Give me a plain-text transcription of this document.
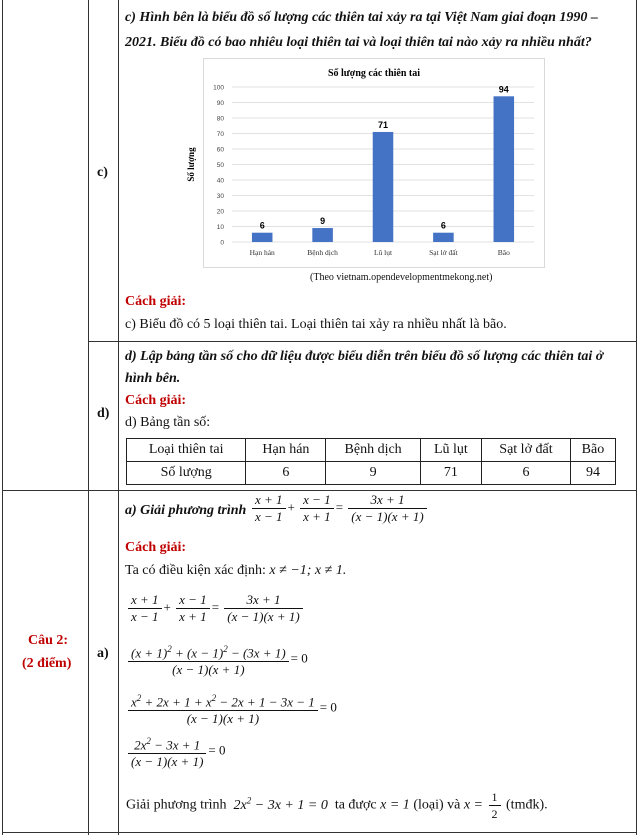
c)
c) Hình bên là biểu đồ số lượng các thiên tai xảy ra tại Việt Nam giai đoạn 1990 –
2021. Biểu đồ có bao nhiêu loại thiên tai và loại thiên tai nào xảy ra nhiều nhất?
Số lượng các thiên tai
Số lượng
0
10
20
30
40
50
60
70
80
90
100
6
Hạn hán
9
Bệnh dịch
71
Lũ lụt
6
Sạt lở đất
94
Bão
(Theo vietnam.opendevelopmentmekong.net)
Cách giải:
c) Biểu đồ có 5 loại thiên tai. Loại thiên tai xảy ra nhiều nhất là bão.
d)
d) Lập bảng tần số cho dữ liệu được biểu diễn trên biểu đồ số lượng các thiên tai ở
hình bên.
Cách giải:
d) Bảng tần số:
Loại thiên tai	Hạn hán	Bệnh dịch	Lũ lụt	Sạt lở đất	Bão
Số lượng	6	9	71	6	94
Câu 2:
(2 điểm)
a)
a) Giải phương trình $\frac{x + 1}{x - 1} + \frac{x - 1}{x + 1} = \frac{3x + 1}{(x - 1)(x + 1)}$
Cách giải:
Ta có điều kiện xác định: x ≠ −1; x ≠ 1.
$\frac{x + 1}{x - 1} + \frac{x - 1}{x + 1} = \frac{3x + 1}{(x - 1)(x + 1)}$
$\frac{(x + 1)^2 + (x - 1)^2 - (3x + 1)}{(x - 1)(x + 1)} = 0$
$\frac{x^2 + 2x + 1 + x^2 - 2x + 1 - 3x - 1}{(x - 1)(x + 1)} = 0$
$\frac{2x^2 - 3x + 1}{(x - 1)(x + 1)} = 0$
Giải phương trình  $2x^2 - 3x + 1 = 0$  ta được x = 1 (loại) và $x = \frac{1}{2}$ (tmđk).
